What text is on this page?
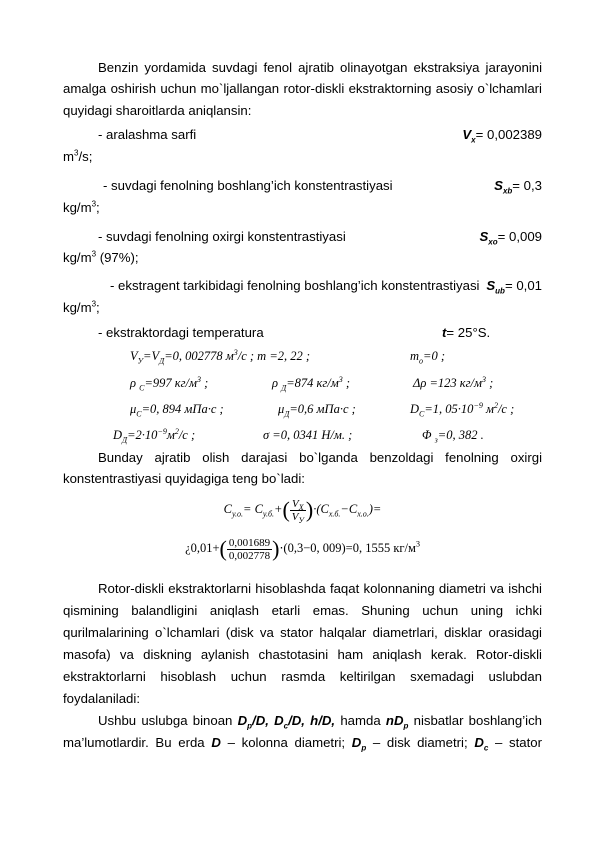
Benzin yordamida suvdagi fenol ajratib olinayotgan ekstraksiya jarayonini
amalga oshirish uchun mo`ljallangan rotor-diskli ekstraktorning asosiy o`lchamlari
quyidagi sharoitlarda aniqlansin:
- aralashma sarfi	$V_x= 0,002389$
$m^3/s$;
- suvdagi fenolning boshlang’ich konstentrastiyasi	$S_{xb}= 0,3$
$kg/m^3$;
- suvdagi fenolning oxirgi konstentrastiyasi	$S_{xo}= 0,009$
$kg/m^3$ (97%);
- ekstragent tarkibidagi fenolning boshlang’ich konstentrastiyasi $S_{ub}= 0,01$
$kg/m^3$;
- ekstraktordagi temperatura	t= 25°S.
$V_У=V_Д=0$, 002778 $м^3/c$ ; m =2, 22 ;	$m_o=0$ ;
ρ $_C$=997 $кг/м^3$ ;	ρ $_Д$=874 $кг/м^3$ ;	Δρ =123 $кг/м^3$ ;
$\mu_C=0$, 894 мПа·с ;	$\mu_Д=0,6$ мПа·с ;	$D_C=1$, $05\cdot 10^{-9}$ $м^2/с$ ;
$D_Д=2\cdot 10^{-9}м^2/с$ ;	σ =0, 0341 Н/м. ;	Φ $_з$=0, 382 .
Bunday ajratib olish darajasi bo`lganda benzoldagi fenolning oxirgi
konstentrastiyasi quyidagiga teng bo`ladi:
$C_{у.о.}= C_{у.б.}+( \frac{V_X}{V_У} )\cdot(C_{х.б.}-C_{х.о.})=$
¿$0,01+( \frac{0,001689}{0,002778} )\cdot(0,3-0$, 009)=0, 1555 $кг/м^3$
Rotor-diskli ekstraktorlarni hisoblashda faqat kolonnaning diametri va ishchi
qismining balandligini aniqlash etarli emas. Shuning uchun uning ichki
qurilmalarining o`lchamlari (disk va stator halqalar diametrlari, disklar orasidagi
masofa) va diskning aylanish chastotasini ham aniqlash kerak. Rotor-diskli
ekstraktorlarni hisoblash uchun rasmda keltirilgan sxemadagi uslubdan
foydalaniladi:
Ushbu uslubga binoan $D_p/D$, $D_c/D$, h/D, hamda $nD_p$ nisbatlar boshlang’ich
ma’lumotlardir. Bu erda D – kolonna diametri; $D_p$ – disk diametri; $D_c$ – stator
